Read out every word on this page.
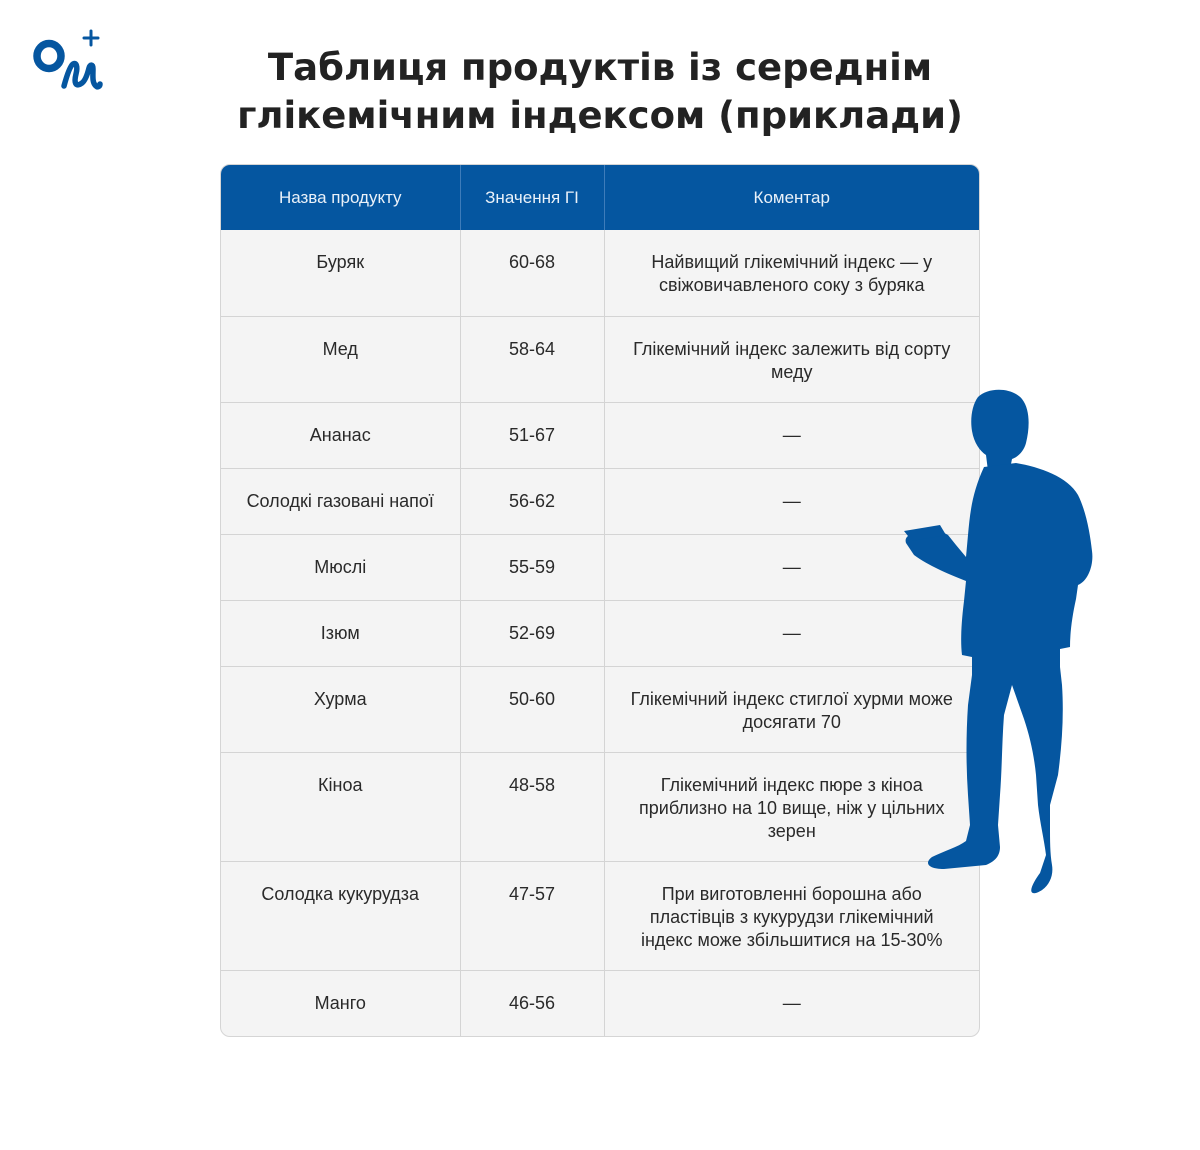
Таблиця продуктів із середнім
глікемічним індексом (приклади)
Назва продукту	Значення ГІ	Коментар
Буряк	60-68	Найвищий глікемічний індекс — у свіжовичавленого соку з буряка
Мед	58-64	Глікемічний індекс залежить від сорту меду
Ананас	51-67	—
Солодкі газовані напої	56-62	—
Мюслі	55-59	—
Ізюм	52-69	—
Хурма	50-60	Глікемічний індекс стиглої хурми може досягати 70
Кіноа	48-58	Глікемічний індекс пюре з кіноа приблизно на 10 вище, ніж у цільних зерен
Солодка кукурудза	47-57	При виготовленні борошна або пластівців з кукурудзи глікемічний індекс може збільшитися на 15-30%
Манго	46-56	—
